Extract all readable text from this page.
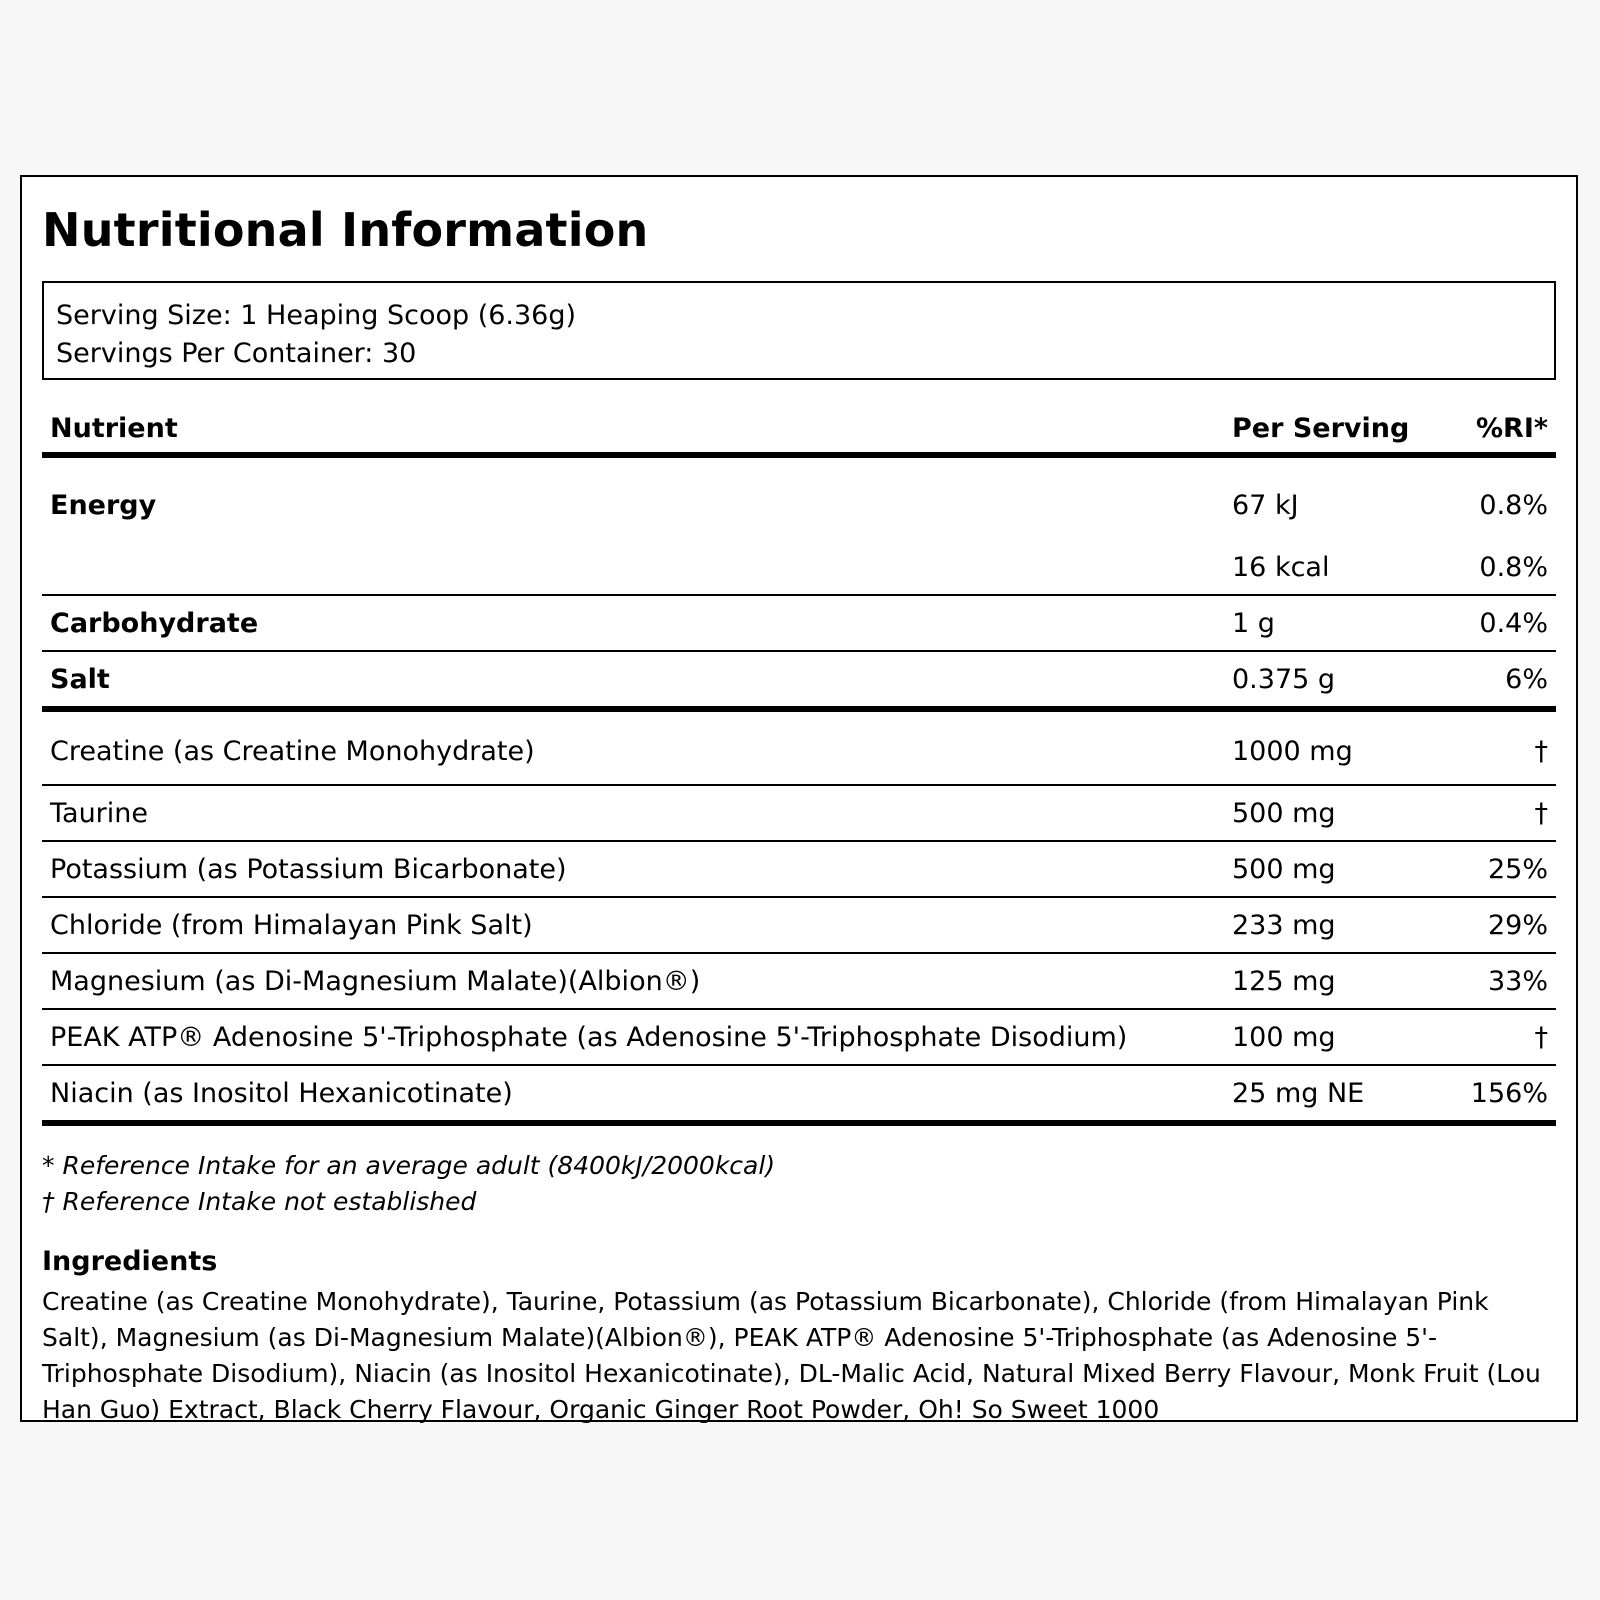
Nutritional Information
Serving Size: 1 Heaping Scoop (6.36g)
Servings Per Container: 30
Nutrient	Per Serving	%RI*
Energy	67 kJ	0.8%
	16 kcal	0.8%
Carbohydrate	1 g	0.4%
Salt	0.375 g	6%
Creatine (as Creatine Monohydrate)	1000 mg	†
Taurine	500 mg	†
Potassium (as Potassium Bicarbonate)	500 mg	25%
Chloride (from Himalayan Pink Salt)	233 mg	29%
Magnesium (as Di-Magnesium Malate)(Albion®)	125 mg	33%
PEAK ATP® Adenosine 5'-Triphosphate (as Adenosine 5'-Triphosphate Disodium)	100 mg	†
Niacin (as Inositol Hexanicotinate)	25 mg NE	156%
* Reference Intake for an average adult (8400kJ/2000kcal)
† Reference Intake not established
Ingredients
Creatine (as Creatine Monohydrate), Taurine, Potassium (as Potassium Bicarbonate), Chloride (from Himalayan Pink Salt), Magnesium (as Di-Magnesium Malate)(Albion®), PEAK ATP® Adenosine 5'-Triphosphate (as Adenosine 5'-Triphosphate Disodium), Niacin (as Inositol Hexanicotinate), DL-Malic Acid, Natural Mixed Berry Flavour, Monk Fruit (Lou Han Guo) Extract, Black Cherry Flavour, Organic Ginger Root Powder, Oh! So Sweet 1000
